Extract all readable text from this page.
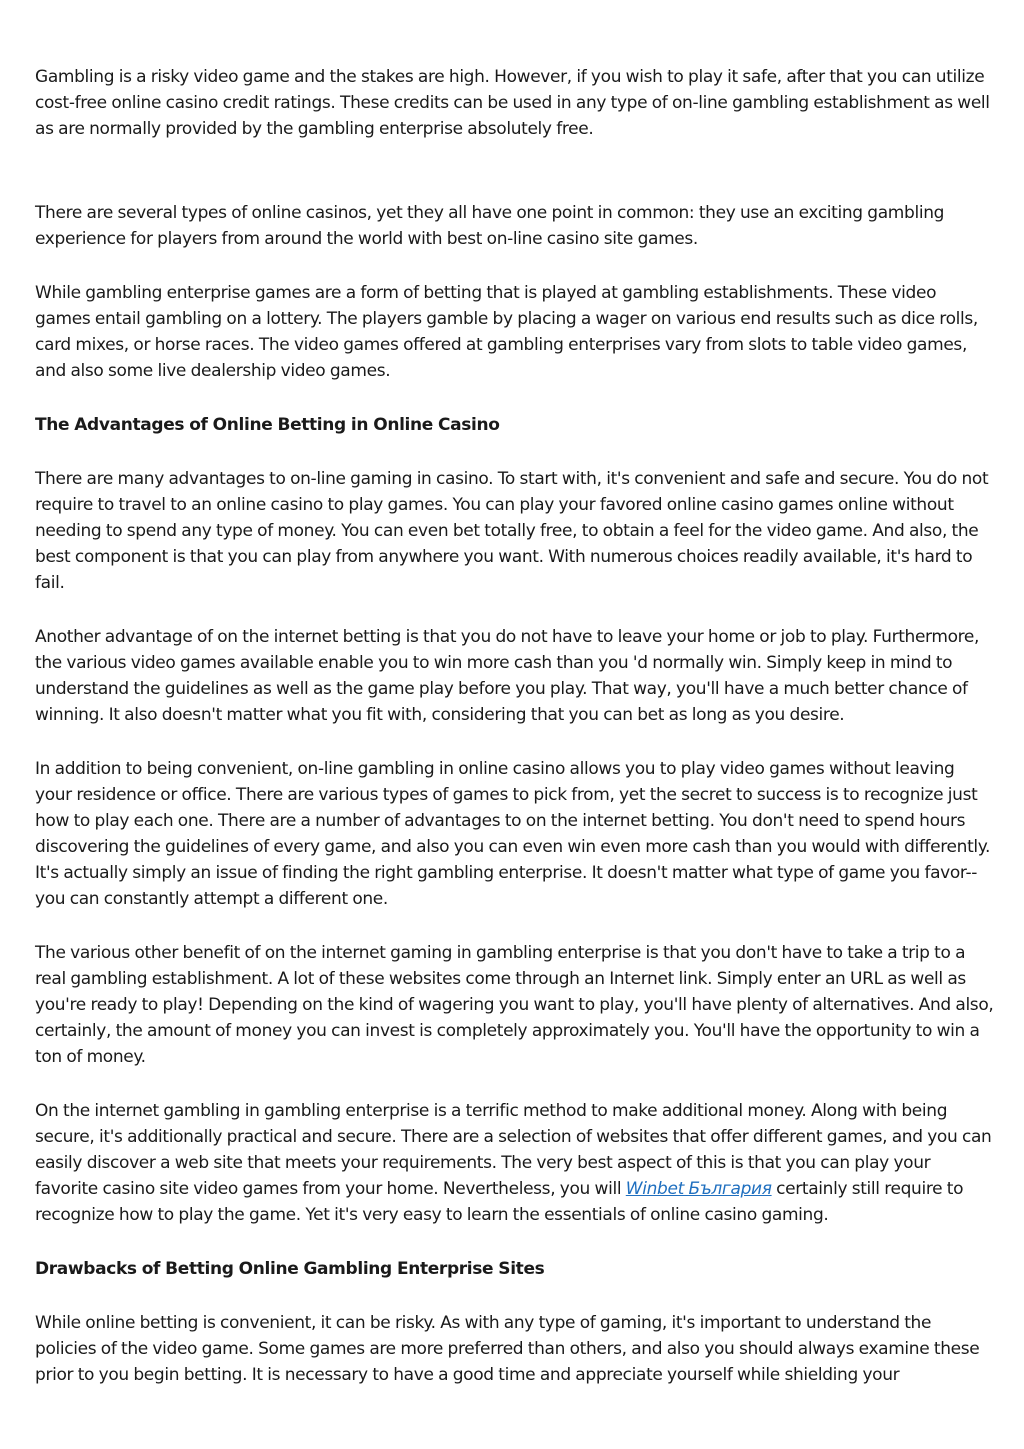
Gambling is a risky video game and the stakes are high. However, if you wish to play it safe, after that you can utilize cost-free online casino credit ratings. These credits can be used in any type of on-line gambling establishment as well as are normally provided by the gambling enterprise absolutely free.

There are several types of online casinos, yet they all have one point in common: they use an exciting gambling experience for players from around the world with best on-line casino site games.

While gambling enterprise games are a form of betting that is played at gambling establishments. These video games entail gambling on a lottery. The players gamble by placing a wager on various end results such as dice rolls, card mixes, or horse races. The video games offered at gambling enterprises vary from slots to table video games, and also some live dealership video games.

The Advantages of Online Betting in Online Casino

There are many advantages to on-line gaming in casino. To start with, it's convenient and safe and secure. You do not require to travel to an online casino to play games. You can play your favored online casino games online without needing to spend any type of money. You can even bet totally free, to obtain a feel for the video game. And also, the best component is that you can play from anywhere you want. With numerous choices readily available, it's hard to fail.

Another advantage of on the internet betting is that you do not have to leave your home or job to play. Furthermore, the various video games available enable you to win more cash than you 'd normally win. Simply keep in mind to understand the guidelines as well as the game play before you play. That way, you'll have a much better chance of winning. It also doesn't matter what you fit with, considering that you can bet as long as you desire.

In addition to being convenient, on-line gambling in online casino allows you to play video games without leaving your residence or office. There are various types of games to pick from, yet the secret to success is to recognize just how to play each one. There are a number of advantages to on the internet betting. You don't need to spend hours discovering the guidelines of every game, and also you can even win even more cash than you would with differently. It's actually simply an issue of finding the right gambling enterprise. It doesn't matter what type of game you favor-- you can constantly attempt a different one.

The various other benefit of on the internet gaming in gambling enterprise is that you don't have to take a trip to a real gambling establishment. A lot of these websites come through an Internet link. Simply enter an URL as well as you're ready to play! Depending on the kind of wagering you want to play, you'll have plenty of alternatives. And also, certainly, the amount of money you can invest is completely approximately you. You'll have the opportunity to win a ton of money.

On the internet gambling in gambling enterprise is a terrific method to make additional money. Along with being secure, it's additionally practical and secure. There are a selection of websites that offer different games, and you can easily discover a web site that meets your requirements. The very best aspect of this is that you can play your favorite casino site video games from your home. Nevertheless, you will Winbet България certainly still require to recognize how to play the game. Yet it's very easy to learn the essentials of online casino gaming.

Drawbacks of Betting Online Gambling Enterprise Sites

While online betting is convenient, it can be risky. As with any type of gaming, it's important to understand the policies of the video game. Some games are more preferred than others, and also you should always examine these prior to you begin betting. It is necessary to have a good time and appreciate yourself while shielding your
